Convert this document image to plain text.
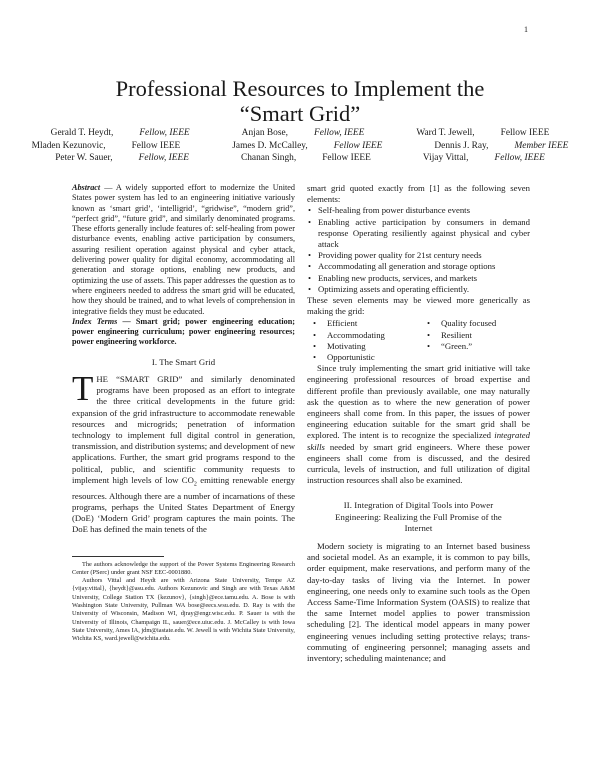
1
Professional Resources to Implement the
“Smart Grid”
Gerald T. Heydt,	Fellow, IEEE	Anjan Bose,	Fellow, IEEE	Ward T. Jewell,	Fellow IEEE
Mladen Kezunovic,	Fellow IEEE	James D. McCalley,	Fellow IEEE	Dennis J. Ray,	Member IEEE
Peter W. Sauer,	Fellow, IEEE	Chanan Singh,	Fellow IEEE	Vijay Vittal,	Fellow, IEEE

Abstract — A widely supported effort to modernize the United States power system has led to an engineering initiative variously known as ‘smart grid’, ‘intelligrid’, “gridwise”, “modern grid”, “perfect grid”, “future grid”, and similarly denominated programs. These efforts generally include features of: self-healing from power disturbance events, enabling active participation by consumers, assuring resilient operation against physical and cyber attack, delivering power quality for digital economy, accommodating all generation and storage options, enabling new products, and optimizing the use of assets. This paper addresses the question as to where engineers needed to address the smart grid will be educated, how they should be trained, and to what levels of comprehension in integrative fields they must be educated.

Index Terms — Smart grid; power engineering education; power engineering curriculum; power engineering resources; power engineering workforce.

I. The Smart Grid

THE “SMART GRID” and similarly denominated programs have been proposed as an effort to integrate the three critical developments in the future grid: expansion of the grid infrastructure to accommodate renewable resources and microgrids; penetration of information technology to implement full digital control in generation, transmission, and distribution systems; and development of new applications. Further, the smart grid programs respond to the political, public, and scientific community requests to implement high levels of low $CO_2$ emitting renewable energy resources. Although there are a number of incarnations of these programs, perhaps the United States Department of Energy (DoE) ‘Modern Grid’ program captures the main points. The DoE has defined the main tenets of the

The authors acknowledge the support of the Power Systems Engineering Research Center (PSerc) under grant NSF EEC-0001880.

Authors Vittal and Heydt are with Arizona State University, Tempe AZ {vijay.vittal}, {heydt}@asu.edu. Authors Kezunovic and Singh are with Texas A&M University, College Station TX {kezunov}, {singh}@ece.tamu.edu. A. Bose is with Washington State University, Pullman WA bose@eecs.wsu.edu. D. Ray is with the University of Wisconsin, Madison WI, djray@engr.wisc.edu. P. Sauer is with the University of Illinois, Champaign IL, sauer@ece.uiuc.edu. J. McCalley is with Iowa State University, Ames IA, jdm@iastate.edu. W. Jewell is with Wichita State University, Wichita KS, ward.jewell@wichita.edu.

smart grid quoted exactly from [1] as the following seven elements:

• Self-healing from power disturbance events
• Enabling active participation by consumers in demand response Operating resiliently against physical and cyber attack
• Providing power quality for 21st century needs
• Accommodating all generation and storage options
• Enabling new products, services, and markets
• Optimizing assets and operating efficiently.

These seven elements may be viewed more generically as making the grid:

• Efficient	• Quality focused
• Accommodating	• Resilient
• Motivating	• “Green.”
• Opportunistic

Since truly implementing the smart grid initiative will take engineering professional resources of broad expertise and different profile than previously available, one may naturally ask the question as to where the new generation of power engineers shall come from. In this paper, the issues of power engineering education suitable for the smart grid shall be explored. The intent is to recognize the specialized integrated skills needed by smart grid engineers. Where these power engineers shall come from is discussed, and the desired curricula, levels of instruction, and full utilization of digital instruction resources shall also be examined.

II. Integration of Digital Tools into Power
Engineering: Realizing the Full Promise of the
Internet

Modern society is migrating to an Internet based business and societal model. As an example, it is common to pay bills, order equipment, make reservations, and perform many of the day-to-day tasks of living via the Internet. In power engineering, one needs only to examine such tools as the Open Access Same-Time Information System (OASIS) to realize that the same Internet model applies to power transmission scheduling [2]. The identical model appears in many power engineering venues including setting protective relays; trans-commuting of engineering personnel; managing assets and inventory; scheduling maintenance; and
